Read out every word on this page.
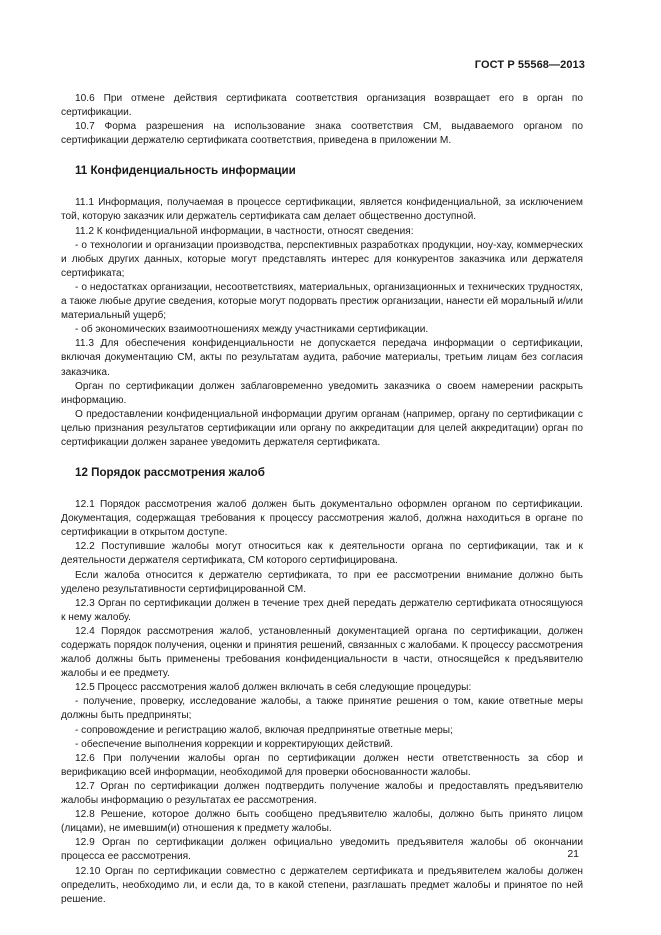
ГОСТ Р 55568—2013

10.6 При отмене действия сертификата соответствия организация возвращает его в орган по сертификации.

10.7 Форма разрешения на использование знака соответствия СМ, выдаваемого органом по сертификации держателю сертификата соответствия, приведена в приложении М.

11 Конфиденциальность информации

11.1 Информация, получаемая в процессе сертификации, является конфиденциальной, за исключением той, которую заказчик или держатель сертификата сам делает общественно доступной.

11.2 К конфиденциальной информации, в частности, относят сведения:

- о технологии и организации производства, перспективных разработках продукции, ноу-хау, коммерческих и любых других данных, которые могут представлять интерес для конкурентов заказчика или держателя сертификата;

- о недостатках организации, несоответствиях, материальных, организационных и технических трудностях, а также любые другие сведения, которые могут подорвать престиж организации, нанести ей моральный и/или материальный ущерб;

- об экономических взаимоотношениях между участниками сертификации.

11.3 Для обеспечения конфиденциальности не допускается передача информации о сертификации, включая документацию СМ, акты по результатам аудита, рабочие материалы, третьим лицам без согласия заказчика.

Орган по сертификации должен заблаговременно уведомить заказчика о своем намерении раскрыть информацию.

О предоставлении конфиденциальной информации другим органам (например, органу по сертификации с целью признания результатов сертификации или органу по аккредитации для целей аккредитации) орган по сертификации должен заранее уведомить держателя сертификата.

12 Порядок рассмотрения жалоб

12.1 Порядок рассмотрения жалоб должен быть документально оформлен органом по сертификации. Документация, содержащая требования к процессу рассмотрения жалоб, должна находиться в органе по сертификации в открытом доступе.

12.2 Поступившие жалобы могут относиться как к деятельности органа по сертификации, так и к деятельности держателя сертификата, СМ которого сертифицирована.

Если жалоба относится к держателю сертификата, то при ее рассмотрении внимание должно быть уделено результативности сертифицированной СМ.

12.3 Орган по сертификации должен в течение трех дней передать держателю сертификата относящуюся к нему жалобу.

12.4 Порядок рассмотрения жалоб, установленный документацией органа по сертификации, должен содержать порядок получения, оценки и принятия решений, связанных с жалобами. К процессу рассмотрения жалоб должны быть применены требования конфиденциальности в части, относящейся к предъявителю жалобы и ее предмету.

12.5 Процесс рассмотрения жалоб должен включать в себя следующие процедуры:

- получение, проверку, исследование жалобы, а также принятие решения о том, какие ответные меры должны быть предприняты;

- сопровождение и регистрацию жалоб, включая предпринятые ответные меры;

- обеспечение выполнения коррекции и корректирующих действий.

12.6 При получении жалобы орган по сертификации должен нести ответственность за сбор и верификацию всей информации, необходимой для проверки обоснованности жалобы.

12.7 Орган по сертификации должен подтвердить получение жалобы и предоставлять предъявителю жалобы информацию о результатах ее рассмотрения.

12.8 Решение, которое должно быть сообщено предъявителю жалобы, должно быть принято лицом (лицами), не имевшим(и) отношения к предмету жалобы.

12.9 Орган по сертификации должен официально уведомить предъявителя жалобы об окончании процесса ее рассмотрения.

12.10 Орган по сертификации совместно с держателем сертификата и предъявителем жалобы должен определить, необходимо ли, и если да, то в какой степени, разглашать предмет жалобы и принятое по ней решение.

21
